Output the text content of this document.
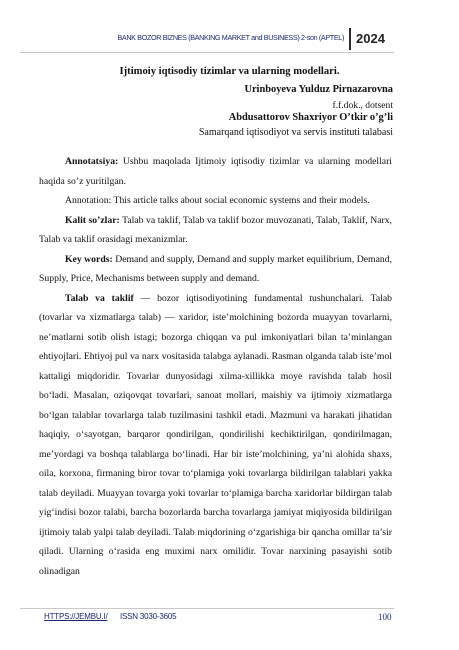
BANK BOZOR BIZNES (BANKING MARKET and BUSINESS) 2-son (APTEL) 2024
Ijtimoiy iqtisodiy tizimlar va ularning modellari.
Urinboyeva Yulduz Pirnazarovna
f.f.dok., dotsent
Abdusattorov Shaxriyor O’tkir o’g’li
Samarqand iqtisodiyot va servis instituti talabasi

Annotatsiya: Ushbu maqolada Ijtimoiy iqtisodiy tizimlar va ularning modellari haqida so’z yuritilgan.

Annotation: This article talks about social economic systems and their models.

Kalit so’zlar: Talab va taklif, Talab va taklif bozor muvozanati, Talab, Taklif, Narx, Talab va taklif orasidagi mexanizmlar.

Key words: Demand and supply, Demand and supply market equilibrium, Demand, Supply, Price, Mechanisms between supply and demand.

Talab va taklif — bozor iqtisodiyotining fundamental tushunchalari. Talab (tovarlar va xizmatlarga talab) — xaridor, iste’molchining bozorda muayyan tovarlarni, ne’matlarni sotib olish istagi; bozorga chiqqan va pul imkoniyatlari bilan ta’minlangan ehtiyojlari. Ehtiyoj pul va narx vositasida talabga aylanadi. Rasman olganda talab iste’mol kattaligi miqdoridir. Tovarlar dunyosidagi xilma-xillikka moye ravishda talab hosil bo‘ladi. Masalan, oziqovqat tovarlari, sanoat mollari, maishiy va ijtimoiy xizmatlarga bo‘lgan talablar tovarlarga talab tuzilmasini tashkil etadi. Mazmuni va harakati jihatidan haqiqiy, o‘sayotgan, barqaror qondirilgan, qondirilishi kechiktirilgan, qondirilmagan, me’yordagi va boshqa talablarga bo‘linadi. Har bir iste’molchining, ya’ni alohida shaxs, oila, korxona, firmaning biror tovar to‘plamiga yoki tovarlarga bildirilgan talablari yakka talab deyiladi. Muayyan tovarga yoki tovarlar to‘plamiga barcha xaridorlar bildirgan talab yig‘indisi bozor talabi, barcha bozorlarda barcha tovarlarga jamiyat miqiyosida bildirilgan ijtimoiy talab yalpi talab deyiladi. Talab miqdorining o‘zgarishiga bir qancha omillar ta’sir qiladi. Ularning o‘rasida eng muximi narx omilidir. Tovar narxining pasayishi sotib olinadigan

HTTPS://JEMBU.I/ ISSN 3030-3605	100
